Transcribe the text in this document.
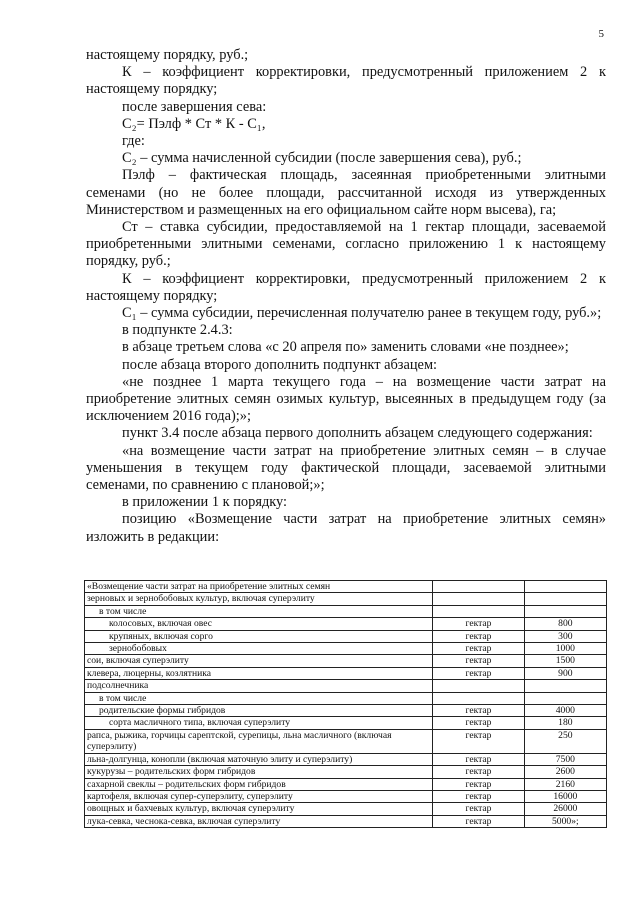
5

настоящему порядку, руб.;

К – коэффициент корректировки, предусмотренный приложением 2 к настоящему порядку;

после завершения сева:

С₂= Пэлф * Ст * К - С₁,

где:

С₂ – сумма начисленной субсидии (после завершения сева), руб.;

Пэлф – фактическая площадь, засеянная приобретенными элитными семенами (но не более площади, рассчитанной исходя из утвержденных Министерством и размещенных на его официальном сайте норм высева), га;

Ст – ставка субсидии, предоставляемой на 1 гектар площади, засеваемой приобретенными элитными семенами, согласно приложению 1 к настоящему порядку, руб.;

К – коэффициент корректировки, предусмотренный приложением 2 к настоящему порядку;

С₁ – сумма субсидии, перечисленная получателю ранее в текущем году, руб.»;

в подпункте 2.4.3:

в абзаце третьем слова «с 20 апреля по» заменить словами «не позднее»;

после абзаца второго дополнить подпункт абзацем:

«не позднее 1 марта текущего года – на возмещение части затрат на приобретение элитных семян озимых культур, высеянных в предыдущем году (за исключением 2016 года);»;

пункт 3.4 после абзаца первого дополнить абзацем следующего содержания:

«на возмещение части затрат на приобретение элитных семян – в случае уменьшения в текущем году фактической площади, засеваемой элитными семенами, по сравнению с плановой;»;

в приложении 1 к порядку:

позицию «Возмещение части затрат на приобретение элитных семян» изложить в редакции:

«Возмещение части затрат на приобретение элитных семян		
зерновых и зернобобовых культур, включая суперэлиту		
в том числе		
колосовых, включая овес	гектар	800
крупяных, включая сорго	гектар	300
зернобобовых	гектар	1000
сои, включая суперэлиту	гектар	1500
клевера, люцерны, козлятника	гектар	900
подсолнечника		
в том числе		
родительские формы гибридов	гектар	4000
сорта масличного типа, включая суперэлиту	гектар	180
рапса, рыжика, горчицы сарептской, сурепицы, льна масличного (включая суперэлиту)	гектар	250
льна-долгунца, конопли (включая маточную элиту и суперэлиту)	гектар	7500
кукурузы – родительских форм гибридов	гектар	2600
сахарной свеклы – родительских форм гибридов	гектар	2160
картофеля, включая супер-суперэлиту, суперэлиту	гектар	16000
овощных и бахчевых культур, включая суперэлиту	гектар	26000
лука-севка, чеснока-севка, включая суперэлиту	гектар	5000»;
